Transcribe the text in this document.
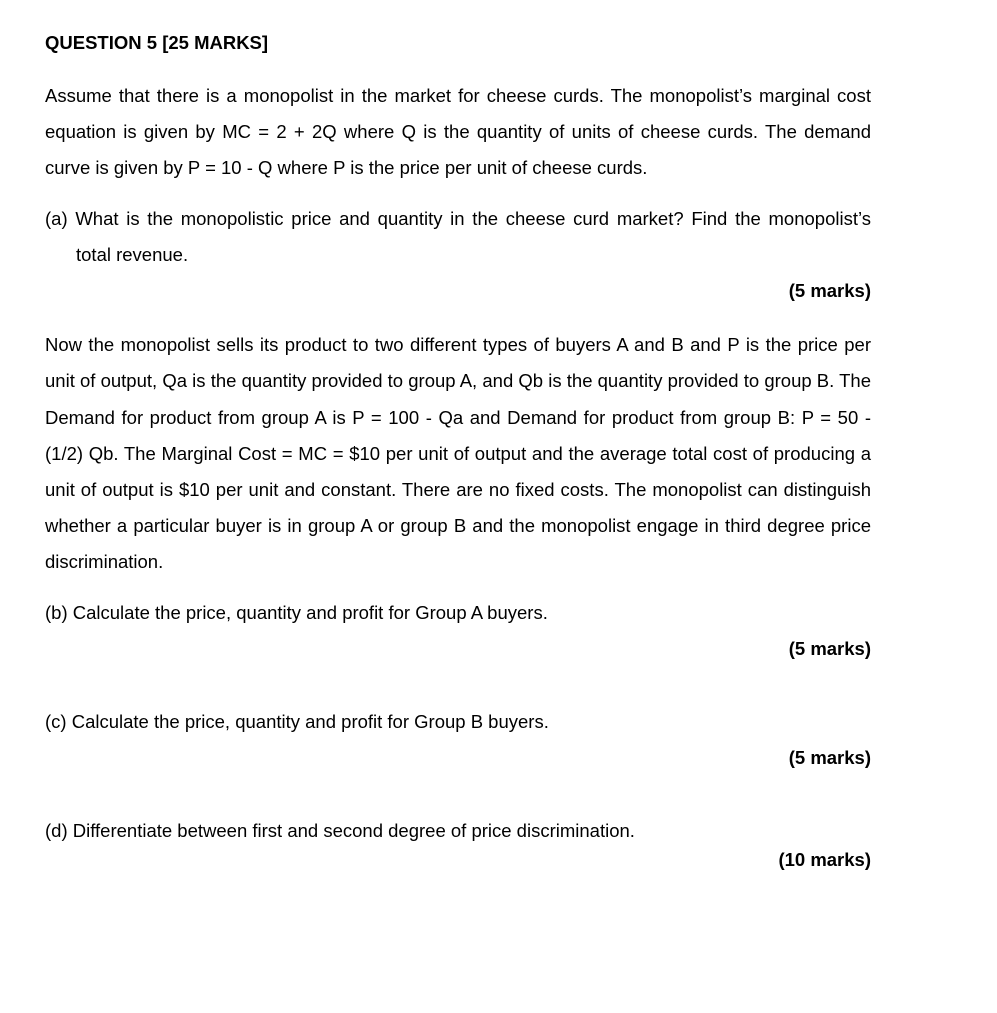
QUESTION 5 [25 MARKS]

Assume that there is a monopolist in the market for cheese curds. The monopolist’s marginal cost equation is given by MC = 2 + 2Q where Q is the quantity of units of cheese curds. The demand curve is given by P = 10 - Q where P is the price per unit of cheese curds.

(a) What is the monopolistic price and quantity in the cheese curd market? Find the monopolist’s total revenue.

(5 marks)

Now the monopolist sells its product to two different types of buyers A and B and P is the price per unit of output, Qa is the quantity provided to group A, and Qb is the quantity provided to group B. The Demand for product from group A is P = 100 - Qa and Demand for product from group B: P = 50 - (1/2) Qb. The Marginal Cost = MC = $10 per unit of output and the average total cost of producing a unit of output is $10 per unit and constant. There are no fixed costs. The monopolist can distinguish whether a particular buyer is in group A or group B and the monopolist engage in third degree price discrimination.

(b) Calculate the price, quantity and profit for Group A buyers.

(5 marks)

(c) Calculate the price, quantity and profit for Group B buyers.

(5 marks)

(d) Differentiate between first and second degree of price discrimination.

(10 marks)
